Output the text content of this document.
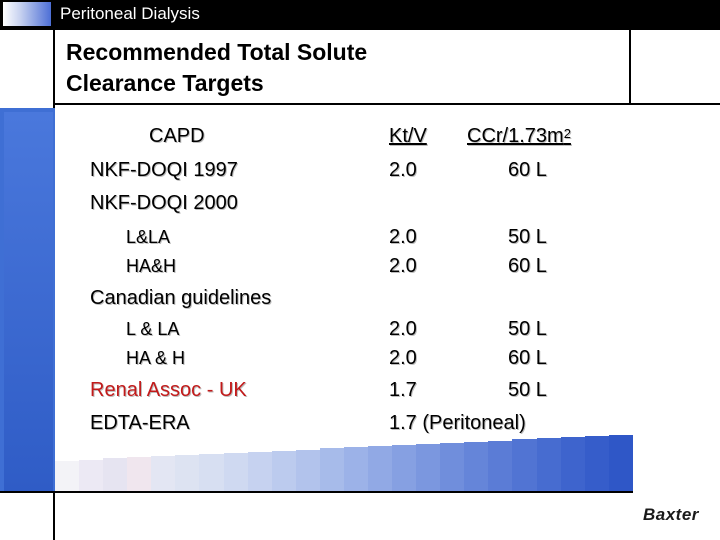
Peritoneal Dialysis
Recommended Total Solute
Clearance Targets
CAPD
NKF-DOQI 1997
NKF-DOQI 2000
L&LA
HA&H
Canadian guidelines
L & LA
HA & H
Renal Assoc - UK
EDTA-ERA
Kt/V CCr/$1.73m^2$
2.0
2.0
2.0
2.0
2.0
1.7
1.7 (Peritoneal)
60 L
50 L
60 L
50 L
60 L
50 L
Baxter
